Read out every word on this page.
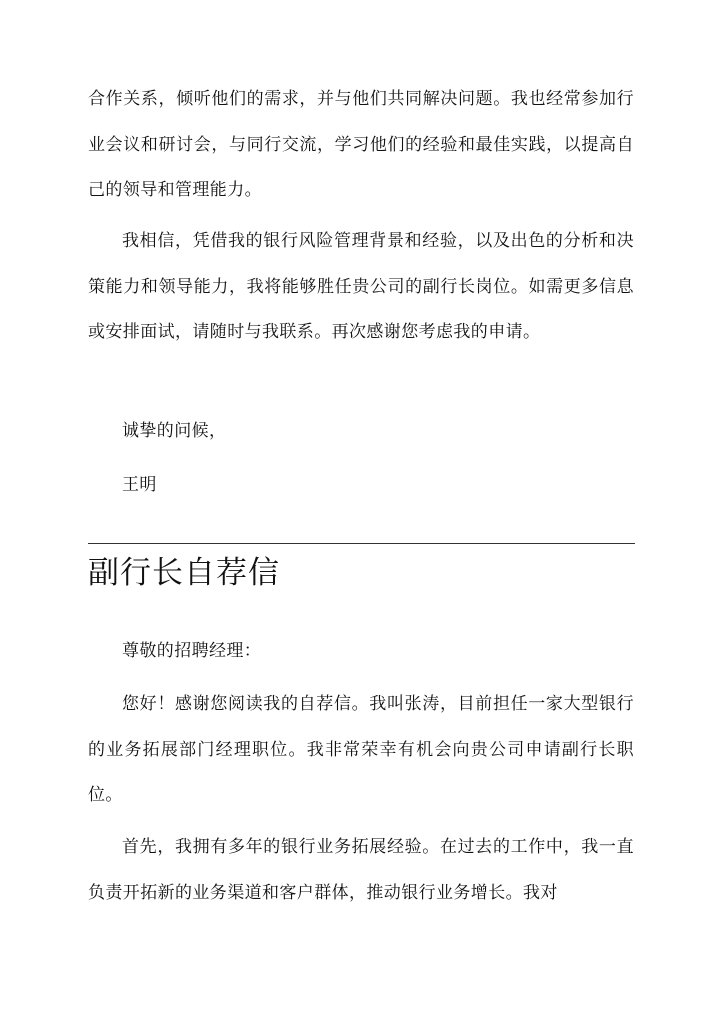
合作关系，倾听他们的需求，并与他们共同解决问题。我也经常参加行业会议和研讨会，与同行交流，学习他们的经验和最佳实践，以提高自己的领导和管理能力。

我相信，凭借我的银行风险管理背景和经验，以及出色的分析和决策能力和领导能力，我将能够胜任贵公司的副行长岗位。如需更多信息或安排面试，请随时与我联系。再次感谢您考虑我的申请。

诚挚的问候，

王明

副行长自荐信

尊敬的招聘经理：

您好！感谢您阅读我的自荐信。我叫张涛，目前担任一家大型银行的业务拓展部门经理职位。我非常荣幸有机会向贵公司申请副行长职位。

首先，我拥有多年的银行业务拓展经验。在过去的工作中，我一直负责开拓新的业务渠道和客户群体，推动银行业务增长。我对
